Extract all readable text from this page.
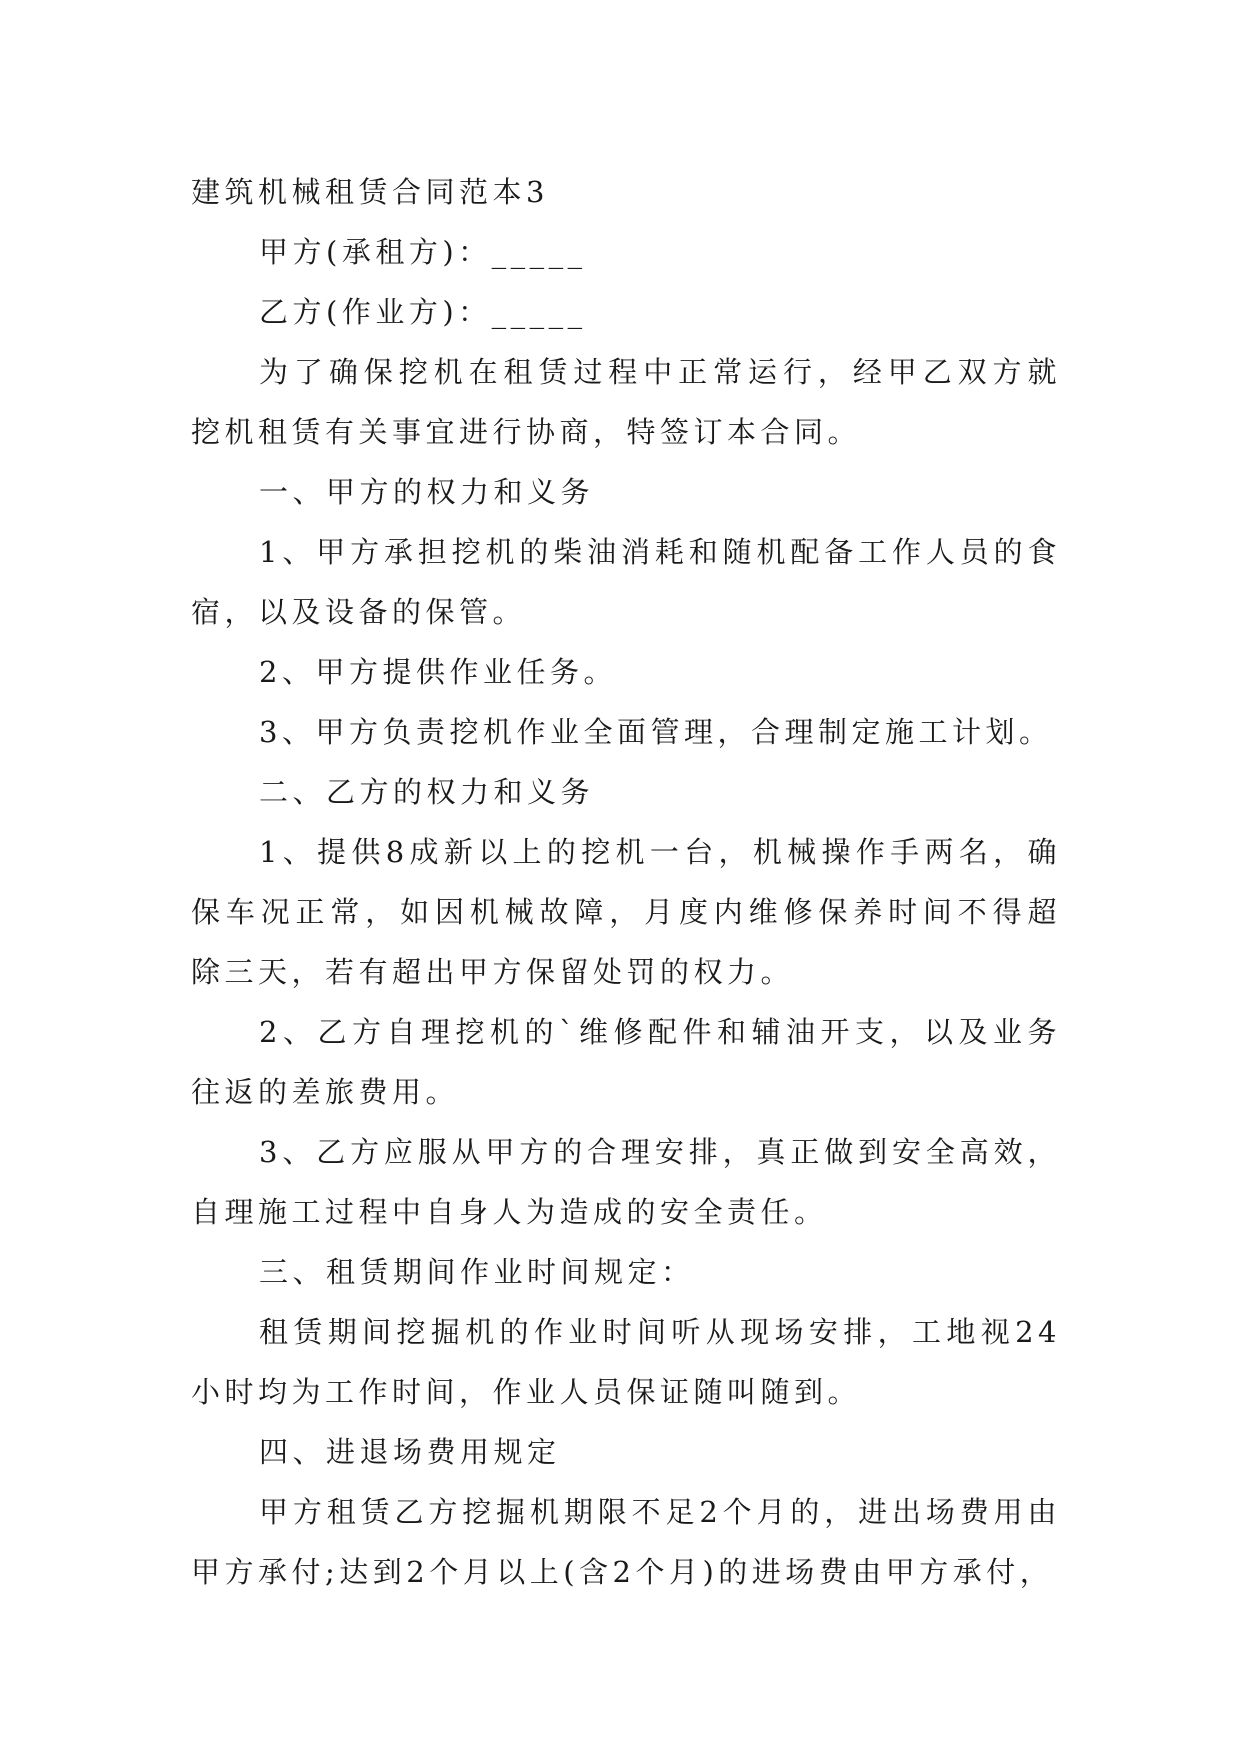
建筑机械租赁合同范本3

甲方(承租方)：_____

乙方(作业方)：_____

为了确保挖机在租赁过程中正常运行，经甲乙双方就挖机租赁有关事宜进行协商，特签订本合同。

一、甲方的权力和义务

1、甲方承担挖机的柴油消耗和随机配备工作人员的食宿，以及设备的保管。

2、甲方提供作业任务。

3、甲方负责挖机作业全面管理，合理制定施工计划。

二、乙方的权力和义务

1、提供8成新以上的挖机一台，机械操作手两名，确保车况正常，如因机械故障，月度内维修保养时间不得超除三天，若有超出甲方保留处罚的权力。

2、乙方自理挖机的`维修配件和辅油开支，以及业务往返的差旅费用。

3、乙方应服从甲方的合理安排，真正做到安全高效，自理施工过程中自身人为造成的安全责任。

三、租赁期间作业时间规定：

租赁期间挖掘机的作业时间听从现场安排，工地视24小时均为工作时间，作业人员保证随叫随到。

四、进退场费用规定

甲方租赁乙方挖掘机期限不足2个月的，进出场费用由甲方承付;达到2个月以上(含2个月)的进场费由甲方承付，
